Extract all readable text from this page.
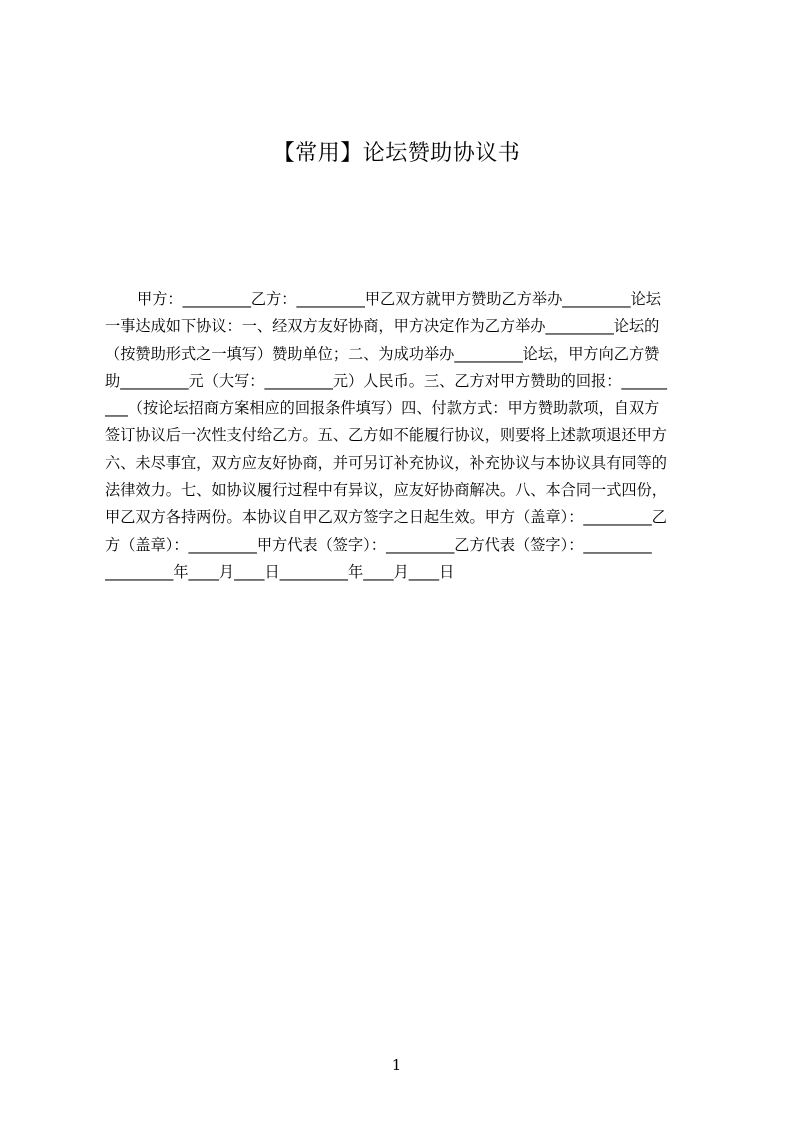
【常用】论坛赞助协议书
甲方：_________乙方：_________甲乙双方就甲方赞助乙方举办_________论坛
一事达成如下协议：一、经双方友好协商，甲方决定作为乙方举办_________论坛的
（按赞助形式之一填写）赞助单位；二、为成功举办_________论坛，甲方向乙方赞
助_________元（大写：_________元）人民币。三、乙方对甲方赞助的回报：______
___（按论坛招商方案相应的回报条件填写）四、付款方式：甲方赞助款项，自双方
签订协议后一次性支付给乙方。五、乙方如不能履行协议，则要将上述款项退还甲方
六、未尽事宜，双方应友好协商，并可另订补充协议，补充协议与本协议具有同等的
法律效力。七、如协议履行过程中有异议，应友好协商解决。八、本合同一式四份，
甲乙双方各持两份。本协议自甲乙双方签字之日起生效。甲方（盖章）：_________乙
方（盖章）：_________甲方代表（签字）：_________乙方代表（签字）：_________
_________年____月____日_________年____月____日
1
